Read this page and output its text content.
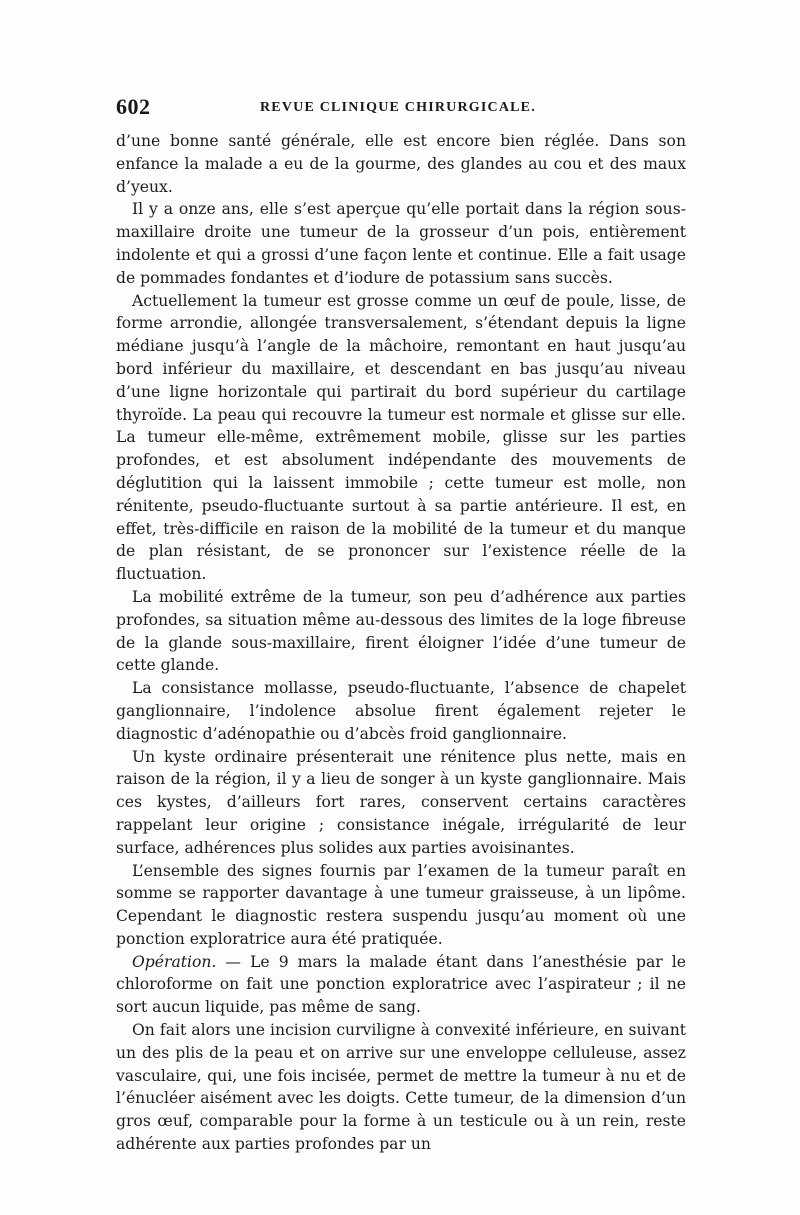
602	REVUE CLINIQUE CHIRURGICALE.

d’une bonne santé générale, elle est encore bien réglée. Dans son enfance la malade a eu de la gourme, des glandes au cou et des maux d’yeux.

Il y a onze ans, elle s’est aperçue qu’elle portait dans la région sous-maxillaire droite une tumeur de la grosseur d’un pois, entièrement indolente et qui a grossi d’une façon lente et continue. Elle a fait usage de pommades fondantes et d’iodure de potassium sans succès.

Actuellement la tumeur est grosse comme un œuf de poule, lisse, de forme arrondie, allongée transversalement, s’étendant depuis la ligne médiane jusqu’à l’angle de la mâchoire, remontant en haut jusqu’au bord inférieur du maxillaire, et descendant en bas jusqu’au niveau d’une ligne horizontale qui partirait du bord supérieur du cartilage thyroïde. La peau qui recouvre la tumeur est normale et glisse sur elle. La tumeur elle-même, extrêmement mobile, glisse sur les parties profondes, et est absolument indépendante des mouvements de déglutition qui la laissent immobile ; cette tumeur est molle, non rénitente, pseudo-fluctuante surtout à sa partie antérieure. Il est, en effet, très-difficile en raison de la mobilité de la tumeur et du manque de plan résistant, de se prononcer sur l’existence réelle de la fluctuation.

La mobilité extrême de la tumeur, son peu d’adhérence aux parties profondes, sa situation même au-dessous des limites de la loge fibreuse de la glande sous-maxillaire, firent éloigner l’idée d’une tumeur de cette glande.

La consistance mollasse, pseudo-fluctuante, l’absence de chapelet ganglionnaire, l’indolence absolue firent également rejeter le diagnostic d’adénopathie ou d’abcès froid ganglionnaire.

Un kyste ordinaire présenterait une rénitence plus nette, mais en raison de la région, il y a lieu de songer à un kyste ganglionnaire. Mais ces kystes, d’ailleurs fort rares, conservent certains caractères rappelant leur origine ; consistance inégale, irrégularité de leur surface, adhérences plus solides aux parties avoisinantes.

L’ensemble des signes fournis par l’examen de la tumeur paraît en somme se rapporter davantage à une tumeur graisseuse, à un lipôme. Cependant le diagnostic restera suspendu jusqu’au moment où une ponction exploratrice aura été pratiquée.

Opération. — Le 9 mars la malade étant dans l’anesthésie par le chloroforme on fait une ponction exploratrice avec l’aspirateur ; il ne sort aucun liquide, pas même de sang.

On fait alors une incision curviligne à convexité inférieure, en suivant un des plis de la peau et on arrive sur une enveloppe celluleuse, assez vasculaire, qui, une fois incisée, permet de mettre la tumeur à nu et de l’énucléer aisément avec les doigts. Cette tumeur, de la dimension d’un gros œuf, comparable pour la forme à un testicule ou à un rein, reste adhérente aux parties profondes par un
